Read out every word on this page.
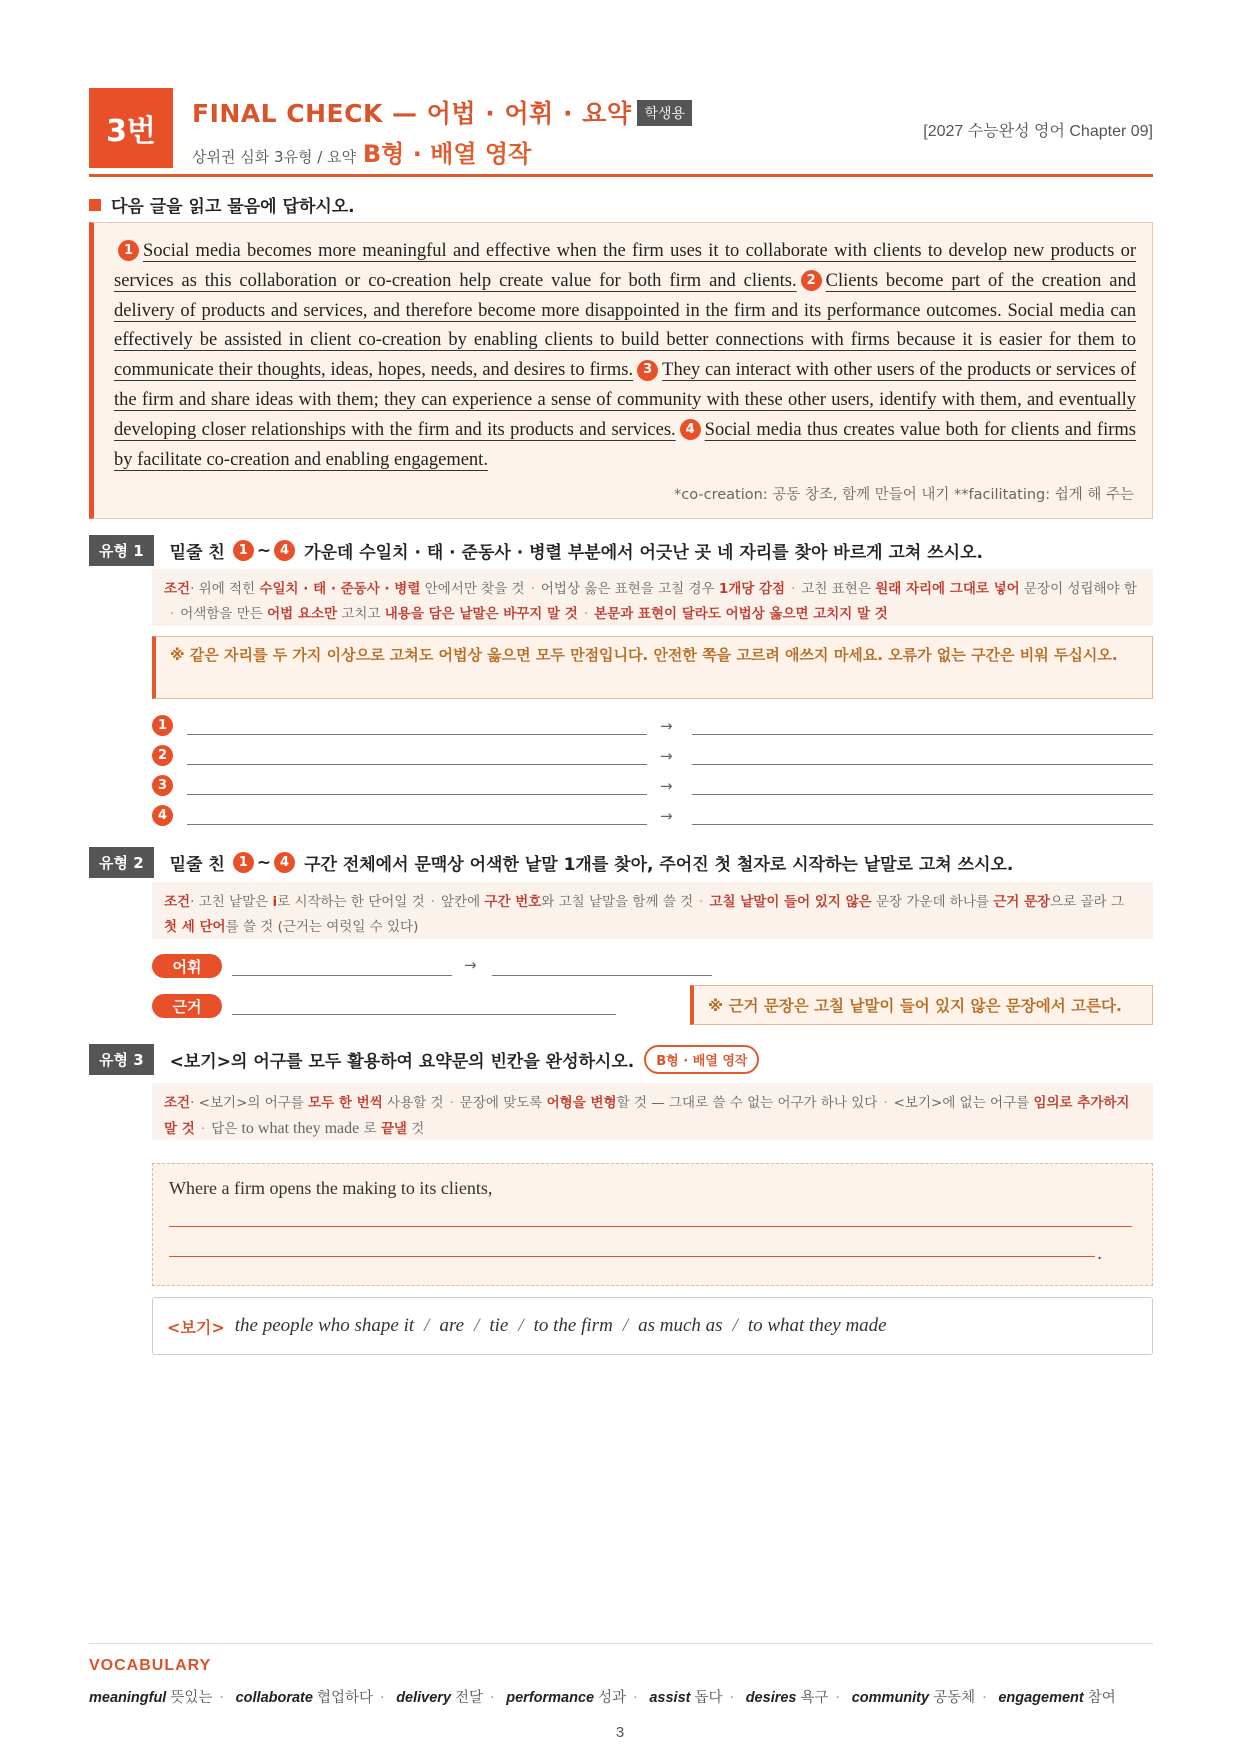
3번
FINAL CHECK — 어법 · 어휘 · 요약 학생용
상위권 심화 3유형 / 요약 B형 · 배열 영작
[2027 수능완성 영어 Chapter 09]
다음 글을 읽고 물음에 답하시오.
1 Social media becomes more meaningful and effective when the firm uses it to collaborate with clients to develop new products or services as this collaboration or co-creation help create value for both firm and clients. 2 Clients become part of the creation and delivery of products and services, and therefore become more disappointed in the firm and its performance outcomes. Social media can effectively be assisted in client co-creation by enabling clients to build better connections with firms because it is easier for them to communicate their thoughts, ideas, hopes, needs, and desires to firms. 3 They can interact with other users of the products or services of the firm and share ideas with them; they can experience a sense of community with these other users, identify with them, and eventually developing closer relationships with the firm and its products and services. 4 Social media thus creates value both for clients and firms by facilitate co-creation and enabling engagement.
*co-creation: 공동 창조, 함께 만들어 내기 **facilitating: 쉽게 해 주는
유형 1	밑줄 친	1 ~ 4 가운데 수일치 · 태 · 준동사 · 병렬 부분에서 어긋난 곳 네 자리를 찾아 바르게 고쳐 쓰시오.
조건· 위에 적힌 수일치 · 태 · 준동사 · 병렬 안에서만 찾을 것 · 어법상 옳은 표현을 고칠 경우 1개당 감점 · 고친 표현은 원래 자리에 그대로 넣어 문장이 성립해야 함· 어색함을 만든 어법 요소만 고치고 내용을 담은 낱말은 바꾸지 말 것 · 본문과 표현이 달라도 어법상 옳으면 고치지 말 것
※ 같은 자리를 두 가지 이상으로 고쳐도 어법상 옳으면 모두 만점입니다. 안전한 쪽을 고르려 애쓰지 마세요. 오류가 없는 구간은 비워 두십시오.
1	→
2	→
3	→
4	→
유형 2	밑줄 친	1 ~ 4 구간 전체에서 문맥상 어색한 낱말 1개를 찾아, 주어진 첫 철자로 시작하는 낱말로 고쳐 쓰시오.
조건· 고친 낱말은 i로 시작하는 한 단어일 것 · 앞칸에 구간 번호와 고칠 낱말을 함께 쓸 것 · 고칠 낱말이 들어 있지 않은 문장 가운데 하나를 근거 문장으로 골라 그 첫 세 단어를 쓸 것 (근거는 여럿일 수 있다)
어휘	→
근거	※ 근거 문장은 고칠 낱말이 들어 있지 않은 문장에서 고른다.
유형 3	<보기>의 어구를 모두 활용하여 요약문의 빈칸을 완성하시오.	B형 · 배열 영작
조건· <보기>의 어구를 모두 한 번씩 사용할 것 · 문장에 맞도록 어형을 변형할 것 — 그대로 쓸 수 없는 어구가 하나 있다 · <보기>에 없는 어구를 임의로 추가하지 말 것 · 답은 to what they made 로 끝낼 것
Where a firm opens the making to its clients,
.
<보기> the people who shape it / are / tie / to the firm / as much as / to what they made
VOCABULARY
meaningful 뜻있는 · collaborate 협업하다 · delivery 전달 · performance 성과 · assist 돕다 · desires 욕구 · community 공동체 · engagement 참여
3
